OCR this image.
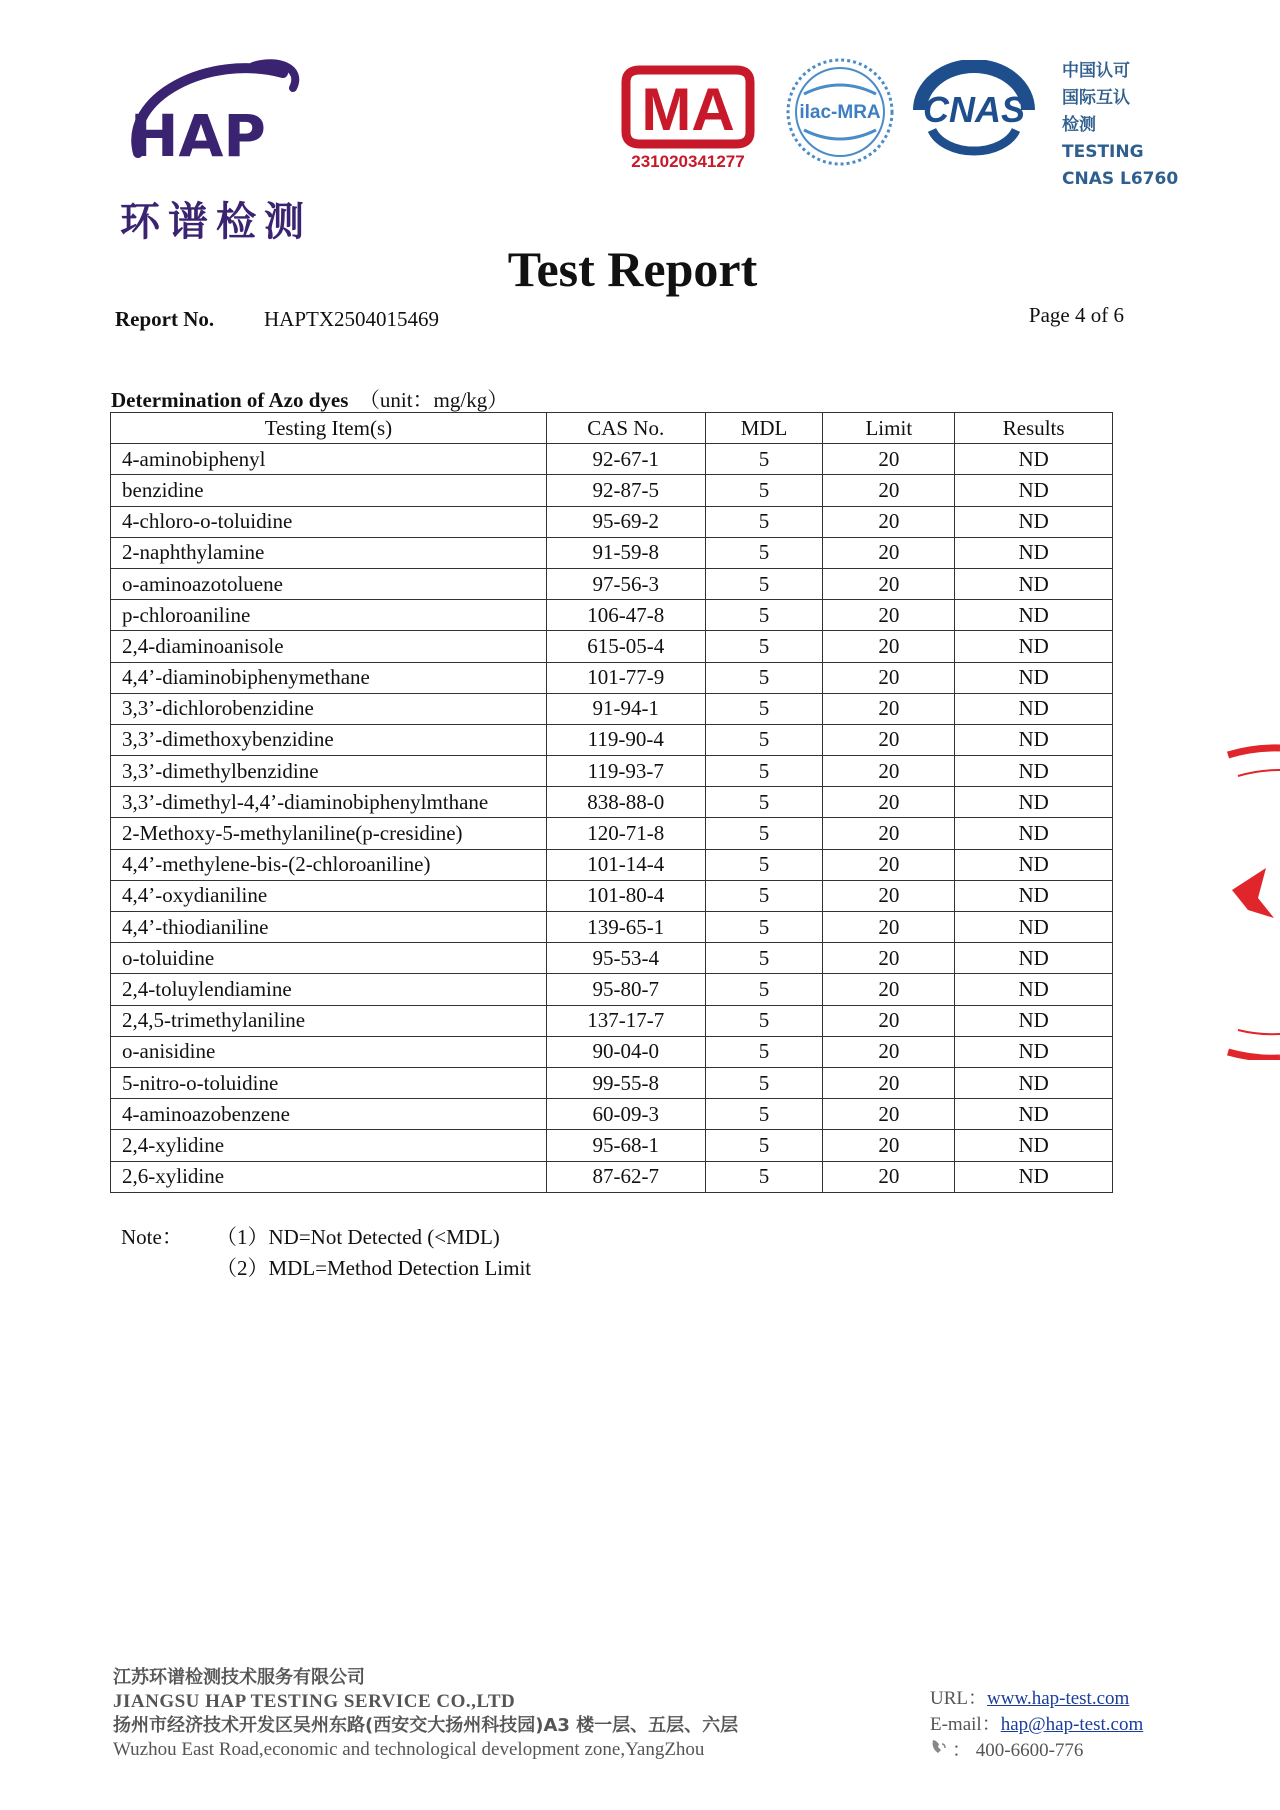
HAP
环谱检测
MA
231020341277
ilac-MRA CNAS
中国认可
国际互认
检测
TESTING
CNAS L6760
Test Report
Report No. HAPTX2504015469	Page 4 of 6
Determination of Azo dyes （unit：mg/kg）
Testing Item(s)	CAS No.	MDL	Limit	Results
4-aminobiphenyl	92-67-1	5	20	ND
benzidine	92-87-5	5	20	ND
4-chloro-o-toluidine	95-69-2	5	20	ND
2-naphthylamine	91-59-8	5	20	ND
o-aminoazotoluene	97-56-3	5	20	ND
p-chloroaniline	106-47-8	5	20	ND
2,4-diaminoanisole	615-05-4	5	20	ND
4,4’-diaminobiphenymethane	101-77-9	5	20	ND
3,3’-dichlorobenzidine	91-94-1	5	20	ND
3,3’-dimethoxybenzidine	119-90-4	5	20	ND
3,3’-dimethylbenzidine	119-93-7	5	20	ND
3,3’-dimethyl-4,4’-diaminobiphenylmthane	838-88-0	5	20	ND
2-Methoxy-5-methylaniline(p-cresidine)	120-71-8	5	20	ND
4,4’-methylene-bis-(2-chloroaniline)	101-14-4	5	20	ND
4,4’-oxydianiline	101-80-4	5	20	ND
4,4’-thiodianiline	139-65-1	5	20	ND
o-toluidine	95-53-4	5	20	ND
2,4-toluylendiamine	95-80-7	5	20	ND
2,4,5-trimethylaniline	137-17-7	5	20	ND
o-anisidine	90-04-0	5	20	ND
5-nitro-o-toluidine	99-55-8	5	20	ND
4-aminoazobenzene	60-09-3	5	20	ND
2,4-xylidine	95-68-1	5	20	ND
2,6-xylidine	87-62-7	5	20	ND
Note： （1）ND=Not Detected (<MDL)
（2）MDL=Method Detection Limit
江苏环谱检测技术服务有限公司
JIANGSU HAP TESTING SERVICE CO.,LTD
扬州市经济技术开发区吴州东路(西安交大扬州科技园)A3 楼一层、五层、六层
Wuzhou East Road,economic and technological development zone,YangZhou
URL：www.hap-test.com
E-mail：hap@hap-test.com
： 400-6600-776
